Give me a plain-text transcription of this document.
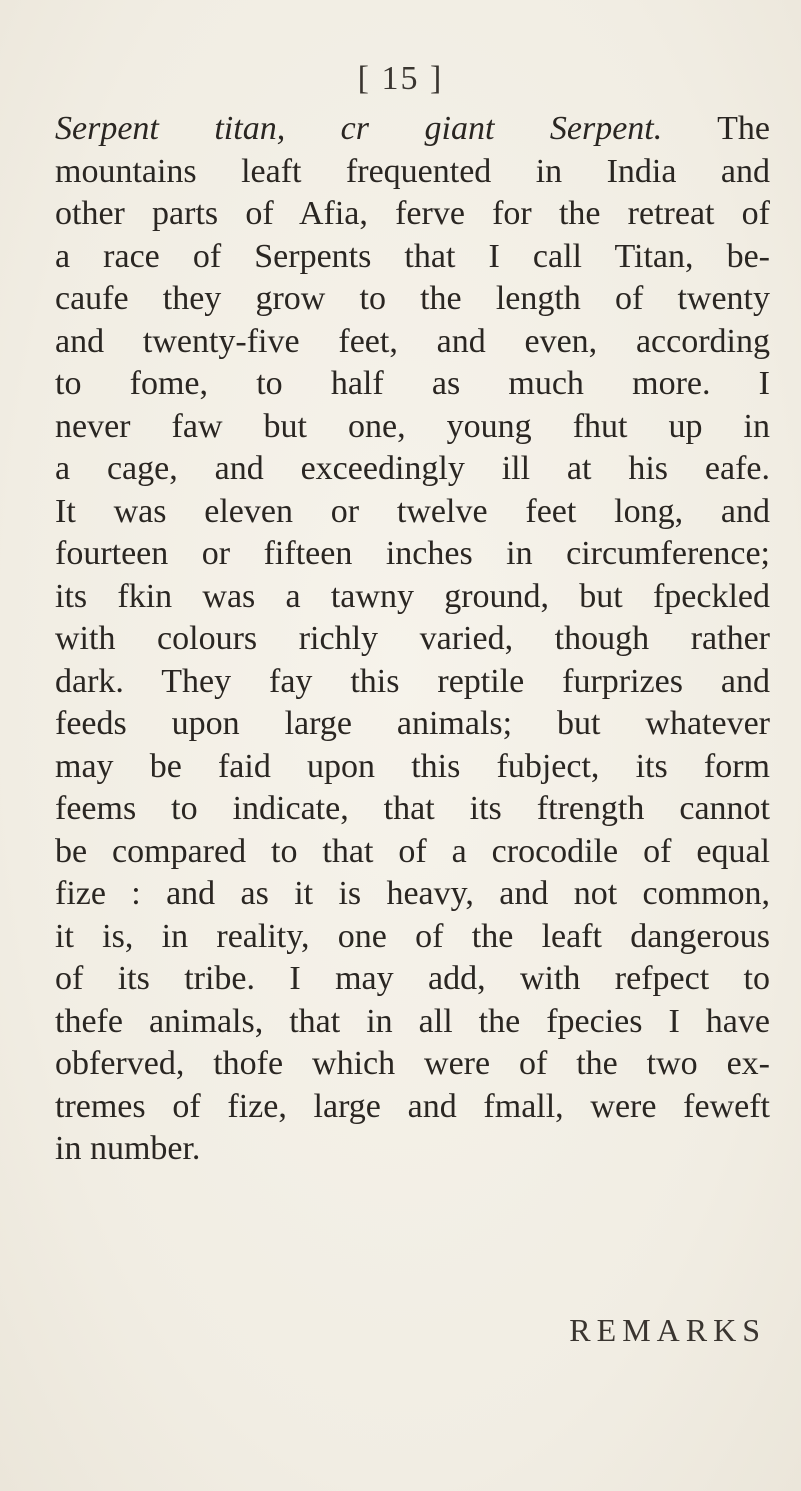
[ 15 ]
Serpent titan, cr giant Serpent. The
mountains leaft frequented in India and
other parts of Afia, ferve for the retreat of
a race of Serpents that I call Titan, be-
caufe they grow to the length of twenty
and twenty-five feet, and even, according
to fome, to half as much more. I
never faw but one, young fhut up in
a cage, and exceedingly ill at his eafe.
It was eleven or twelve feet long, and
fourteen or fifteen inches in circumference;
its fkin was a tawny ground, but fpeckled
with colours richly varied, though rather
dark. They fay this reptile furprizes and
feeds upon large animals; but whatever
may be faid upon this fubject, its form
feems to indicate, that its ftrength cannot
be compared to that of a crocodile of equal
fize : and as it is heavy, and not common,
it is, in reality, one of the leaft dangerous
of its tribe. I may add, with refpect to
thefe animals, that in all the fpecies I have
obferved, thofe which were of the two ex-
tremes of fize, large and fmall, were feweft
in number.
REMARKS
